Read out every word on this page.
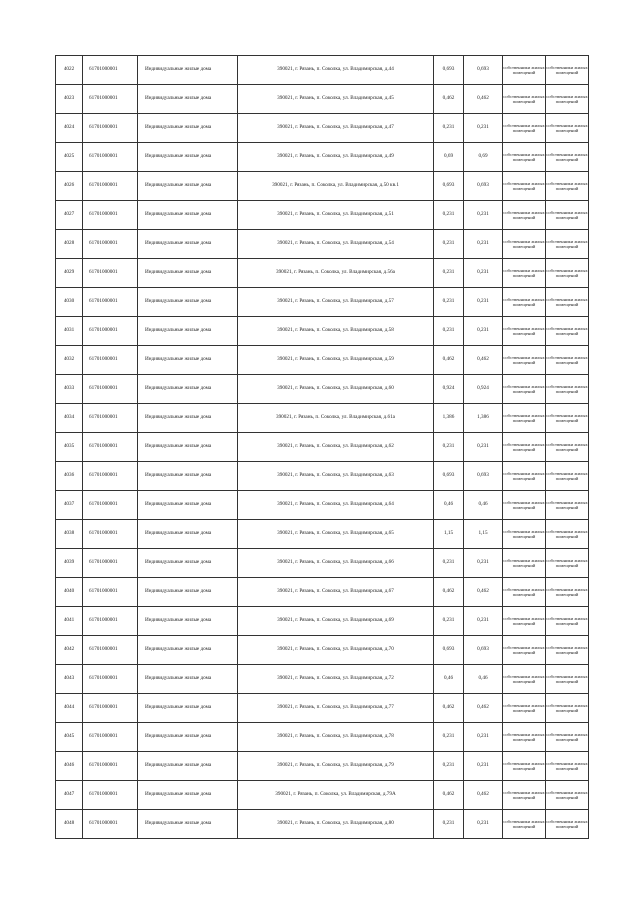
4022	61701000001	Индивидуальные жилые дома	390021, г. Рязань, п. Соколка, ул. Владимирская, д.44	0,693	0,693	собственники жилых помещений	собственники жилых помещений

4023	61701000001	Индивидуальные жилые дома	390021, г. Рязань, п. Соколка, ул. Владимирская, д.45	0,462	0,462	собственники жилых помещений	собственники жилых помещений

4024	61701000001	Индивидуальные жилые дома	390021, г. Рязань, п. Соколка, ул. Владимирская, д.47	0,231	0,231	собственники жилых помещений	собственники жилых помещений

4025	61701000001	Индивидуальные жилые дома	390021, г. Рязань, п. Соколка, ул. Владимирская, д.49	0,69	0,69	собственники жилых помещений	собственники жилых помещений

4026	61701000001	Индивидуальные жилые дома	390021, г. Рязань, п. Соколка, ул. Владимирская, д.50 кв.1	0,693	0,693	собственники жилых помещений	собственники жилых помещений

4027	61701000001	Индивидуальные жилые дома	390021, г. Рязань, п. Соколка, ул. Владимирская, д.51	0,231	0,231	собственники жилых помещений	собственники жилых помещений

4028	61701000001	Индивидуальные жилые дома	390021, г. Рязань, п. Соколка, ул. Владимирская, д.54	0,231	0,231	собственники жилых помещений	собственники жилых помещений

4029	61701000001	Индивидуальные жилые дома	390021, г. Рязань, п. Соколка, ул. Владимирская, д.56а	0,231	0,231	собственники жилых помещений	собственники жилых помещений

4030	61701000001	Индивидуальные жилые дома	390021, г. Рязань, п. Соколка, ул. Владимирская, д.57	0,231	0,231	собственники жилых помещений	собственники жилых помещений

4031	61701000001	Индивидуальные жилые дома	390021, г. Рязань, п. Соколка, ул. Владимирская, д.58	0,231	0,231	собственники жилых помещений	собственники жилых помещений

4032	61701000001	Индивидуальные жилые дома	390021, г. Рязань, п. Соколка, ул. Владимирская, д.59	0,462	0,462	собственники жилых помещений	собственники жилых помещений

4033	61701000001	Индивидуальные жилые дома	390021, г. Рязань, п. Соколка, ул. Владимирская, д.60	0,924	0,924	собственники жилых помещений	собственники жилых помещений

4034	61701000001	Индивидуальные жилые дома	390021, г. Рязань, п. Соколка, ул. Владимирская, д.61а	1,386	1,386	собственники жилых помещений	собственники жилых помещений

4035	61701000001	Индивидуальные жилые дома	390021, г. Рязань, п. Соколка, ул. Владимирская, д.62	0,231	0,231	собственники жилых помещений	собственники жилых помещений

4036	61701000001	Индивидуальные жилые дома	390021, г. Рязань, п. Соколка, ул. Владимирская, д.63	0,693	0,693	собственники жилых помещений	собственники жилых помещений

4037	61701000001	Индивидуальные жилые дома	390021, г. Рязань, п. Соколка, ул. Владимирская, д.64	0,46	0,46	собственники жилых помещений	собственники жилых помещений

4038	61701000001	Индивидуальные жилые дома	390021, г. Рязань, п. Соколка, ул. Владимирская, д.65	1,15	1,15	собственники жилых помещений	собственники жилых помещений

4039	61701000001	Индивидуальные жилые дома	390021, г. Рязань, п. Соколка, ул. Владимирская, д.66	0,231	0,231	собственники жилых помещений	собственники жилых помещений

4040	61701000001	Индивидуальные жилые дома	390021, г. Рязань, п. Соколка, ул. Владимирская, д.67	0,462	0,462	собственники жилых помещений	собственники жилых помещений

4041	61701000001	Индивидуальные жилые дома	390021, г. Рязань, п. Соколка, ул. Владимирская, д.69	0,231	0,231	собственники жилых помещений	собственники жилых помещений

4042	61701000001	Индивидуальные жилые дома	390021, г. Рязань, п. Соколка, ул. Владимирская, д.70	0,693	0,693	собственники жилых помещений	собственники жилых помещений

4043	61701000001	Индивидуальные жилые дома	390021, г. Рязань, п. Соколка, ул. Владимирская, д.72	0,46	0,46	собственники жилых помещений	собственники жилых помещений

4044	61701000001	Индивидуальные жилые дома	390021, г. Рязань, п. Соколка, ул. Владимирская, д.77	0,462	0,462	собственники жилых помещений	собственники жилых помещений

4045	61701000001	Индивидуальные жилые дома	390021, г. Рязань, п. Соколка, ул. Владимирская, д.78	0,231	0,231	собственники жилых помещений	собственники жилых помещений

4046	61701000001	Индивидуальные жилые дома	390021, г. Рязань, п. Соколка, ул. Владимирская, д.79	0,231	0,231	собственники жилых помещений	собственники жилых помещений

4047	61701000001	Индивидуальные жилые дома	390021, г. Рязань, п. Соколка, ул. Владимирская, д.79А	0,462	0,462	собственники жилых помещений	собственники жилых помещений

4048	61701000001	Индивидуальные жилые дома	390021, г. Рязань, п. Соколка, ул. Владимирская, д.80	0,231	0,231	собственники жилых помещений	собственники жилых помещений
